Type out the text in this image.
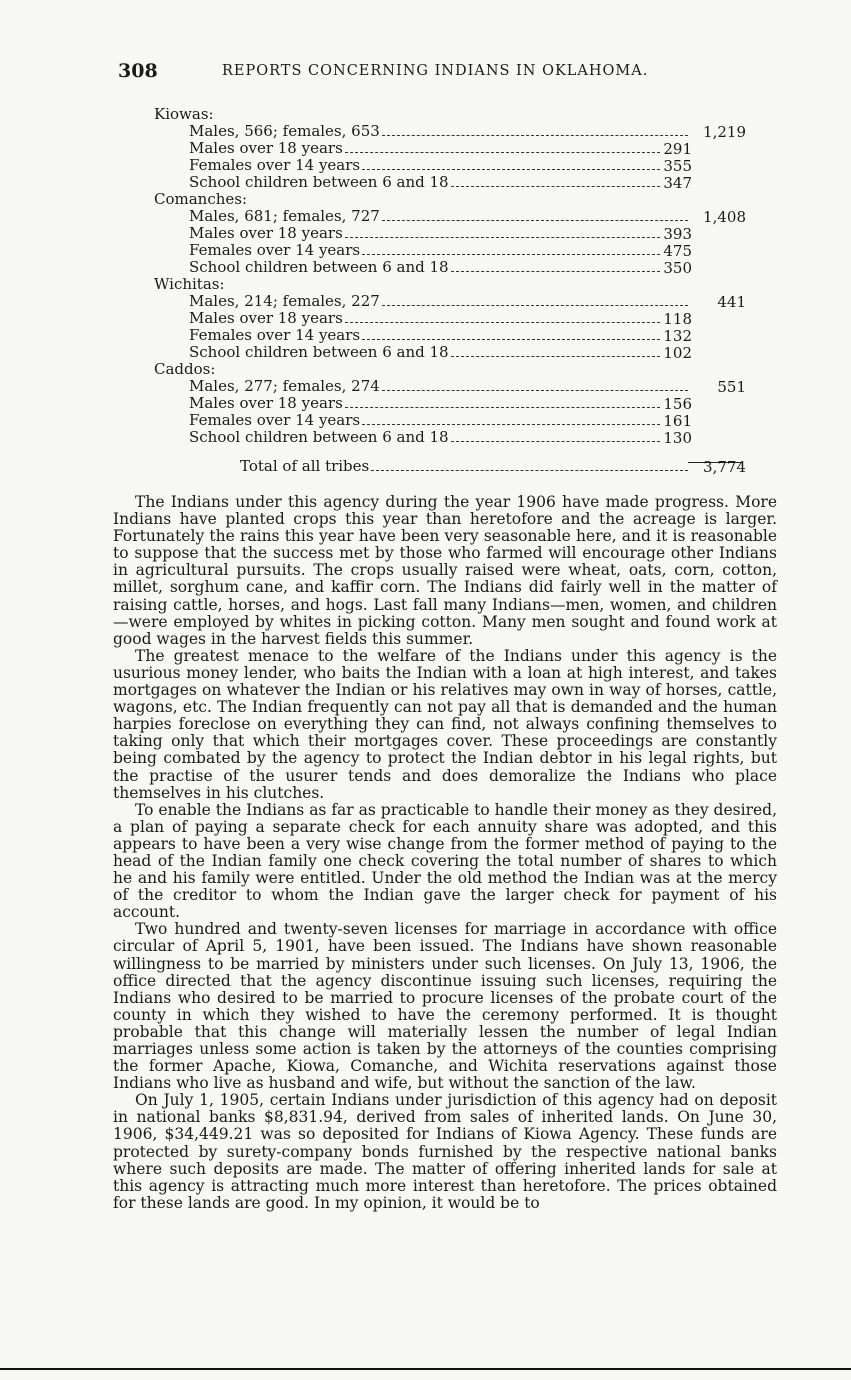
308	REPORTS CONCERNING INDIANS IN OKLAHOMA.

The Indians under this agency during the year 1906 have made progress. More Indians have planted crops this year than heretofore and the acreage is larger. Fortunately the rains this year have been very seasonable here, and it is reasonable to suppose that the success met by those who farmed will encourage other Indians in agricultural pursuits. The crops usually raised were wheat, oats, corn, cotton, millet, sorghum cane, and kaffir corn. The Indians did fairly well in the matter of raising cattle, horses, and hogs. Last fall many Indians—men, women, and children—were employed by whites in picking cotton. Many men sought and found work at good wages in the harvest fields this summer.

The greatest menace to the welfare of the Indians under this agency is the usurious money lender, who baits the Indian with a loan at high interest, and takes mortgages on whatever the Indian or his relatives may own in way of horses, cattle, wagons, etc. The Indian frequently can not pay all that is demanded and the human harpies foreclose on everything they can find, not always confining themselves to taking only that which their mortgages cover. These proceedings are constantly being combated by the agency to protect the Indian debtor in his legal rights, but the practise of the usurer tends and does demoralize the Indians who place themselves in his clutches.

To enable the Indians as far as practicable to handle their money as they desired, a plan of paying a separate check for each annuity share was adopted, and this appears to have been a very wise change from the former method of paying to the head of the Indian family one check covering the total number of shares to which he and his family were entitled. Under the old method the Indian was at the mercy of the creditor to whom the Indian gave the larger check for payment of his account.

Two hundred and twenty-seven licenses for marriage in accordance with office circular of April 5, 1901, have been issued. The Indians have shown reasonable willingness to be married by ministers under such licenses. On July 13, 1906, the office directed that the agency discontinue issuing such licenses, requiring the Indians who desired to be married to procure licenses of the probate court of the county in which they wished to have the ceremony performed. It is thought probable that this change will materially lessen the number of legal Indian marriages unless some action is taken by the attorneys of the counties comprising the former Apache, Kiowa, Comanche, and Wichita reservations against those Indians who live as husband and wife, but without the sanction of the law.

On July 1, 1905, certain Indians under jurisdiction of this agency had on deposit in national banks $8,831.94, derived from sales of inherited lands. On June 30, 1906, $34,449.21 was so deposited for Indians of Kiowa Agency. These funds are protected by surety-company bonds furnished by the respective national banks where such deposits are made. The matter of offering inherited lands for sale at this agency is attracting much more interest than heretofore. The prices obtained for these lands are good. In my opinion, it would be to

Kiowas:
Males, 566; females, 653	1,219
Males over 18 years	291
Females over 14 years	355
School children between 6 and 18	347
Comanches:
Males, 681; females, 727	1,408
Males over 18 years	393
Females over 14 years	475
School children between 6 and 18	350
Wichitas:
Males, 214; females, 227	441
Males over 18 years	118
Females over 14 years	132
School children between 6 and 18	102
Caddos:
Males, 277; females, 274	551
Males over 18 years	156
Females over 14 years	161
School children between 6 and 18	130
Total of all tribes	3,774
